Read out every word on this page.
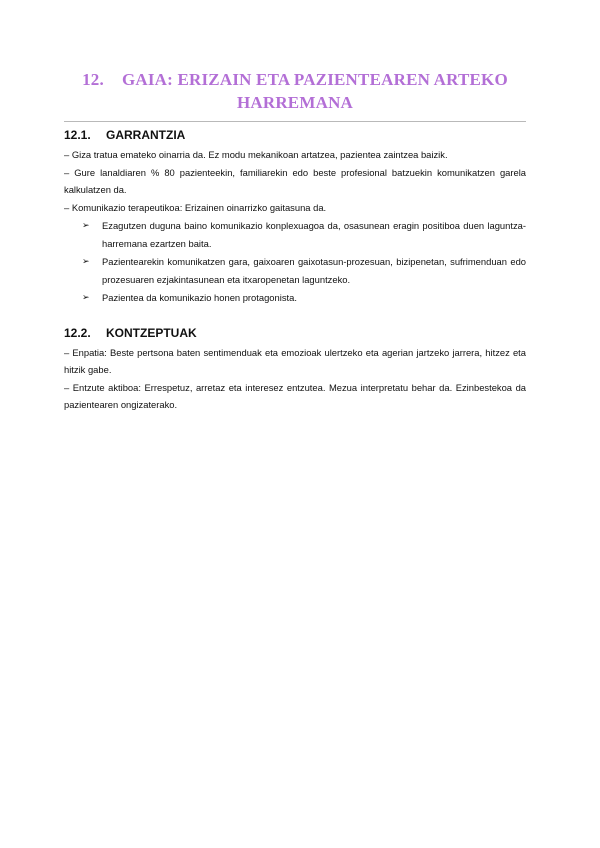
12. GAIA: ERIZAIN ETA PAZIENTEAREN ARTEKO HARREMANA
12.1.	GARRANTZIA

– Giza tratua emateko oinarria da. Ez modu mekanikoan artatzea, pazientea zaintzea baizik.

– Gure lanaldiaren % 80 pazienteekin, familiarekin edo beste profesional batzuekin komunikatzen garela kalkulatzen da.

– Komunikazio terapeutikoa: Erizainen oinarrizko gaitasuna da.

➢ Ezagutzen duguna baino komunikazio konplexuagoa da, osasunean eragin positiboa duen laguntza-harremana ezartzen baita.
➢ Pazientearekin komunikatzen gara, gaixoaren gaixotasun-prozesuan, bizipenetan, sufrimenduan edo prozesuaren ezjakintasunean eta itxaropenetan laguntzeko.
➢ Pazientea da komunikazio honen protagonista.
12.2.	KONTZEPTUAK

– Enpatia: Beste pertsona baten sentimenduak eta emozioak ulertzeko eta agerian jartzeko jarrera, hitzez eta hitzik gabe.

– Entzute aktiboa: Errespetuz, arretaz eta interesez entzutea. Mezua interpretatu behar da. Ezinbestekoa da pazientearen ongizaterako.
